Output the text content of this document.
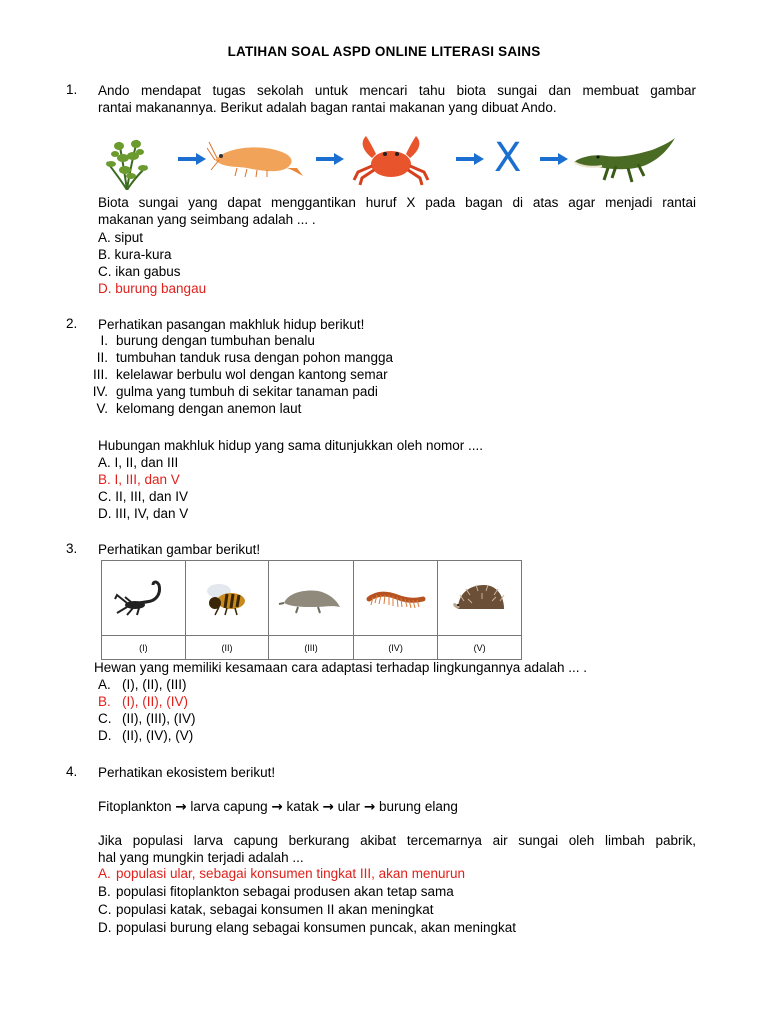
LATIHAN SOAL ASPD ONLINE LITERASI SAINS
1. Ando mendapat tugas sekolah untuk mencari tahu biota sungai dan membuat gambar
rantai makanannya. Berikut adalah bagan rantai makanan yang dibuat Ando.
X
Biota sungai yang dapat menggantikan huruf X pada bagan di atas agar menjadi rantai
makanan yang seimbang adalah ... .
A. siput
B. kura-kura
C. ikan gabus
D. burung bangau
2. Perhatikan pasangan makhluk hidup berikut!
I. burung dengan tumbuhan benalu
II. tumbuhan tanduk rusa dengan pohon mangga
III. kelelawar berbulu wol dengan kantong semar
IV. gulma yang tumbuh di sekitar tanaman padi
V. kelomang dengan anemon laut
Hubungan makhluk hidup yang sama ditunjukkan oleh nomor ....
A. I, II, dan III
B. I, III, dan V
C. II, III, dan IV
D. III, IV, dan V
3. Perhatikan gambar berikut!

(I)	(II)	(III)	(IV)	(V)
Hewan yang memiliki kesamaan cara adaptasi terhadap lingkungannya adalah ... .
A. (I), (II), (III)
B. (I), (II), (IV)
C. (II), (III), (IV)
D. (II), (IV), (V)
4. Perhatikan ekosistem berikut!
Fitoplankton → larva capung → katak → ular → burung elang
Jika populasi larva capung berkurang akibat tercemarnya air sungai oleh limbah pabrik,
hal yang mungkin terjadi adalah ...
A. populasi ular, sebagai konsumen tingkat III, akan menurun
B. populasi fitoplankton sebagai produsen akan tetap sama
C. populasi katak, sebagai konsumen II akan meningkat
D. populasi burung elang sebagai konsumen puncak, akan meningkat
